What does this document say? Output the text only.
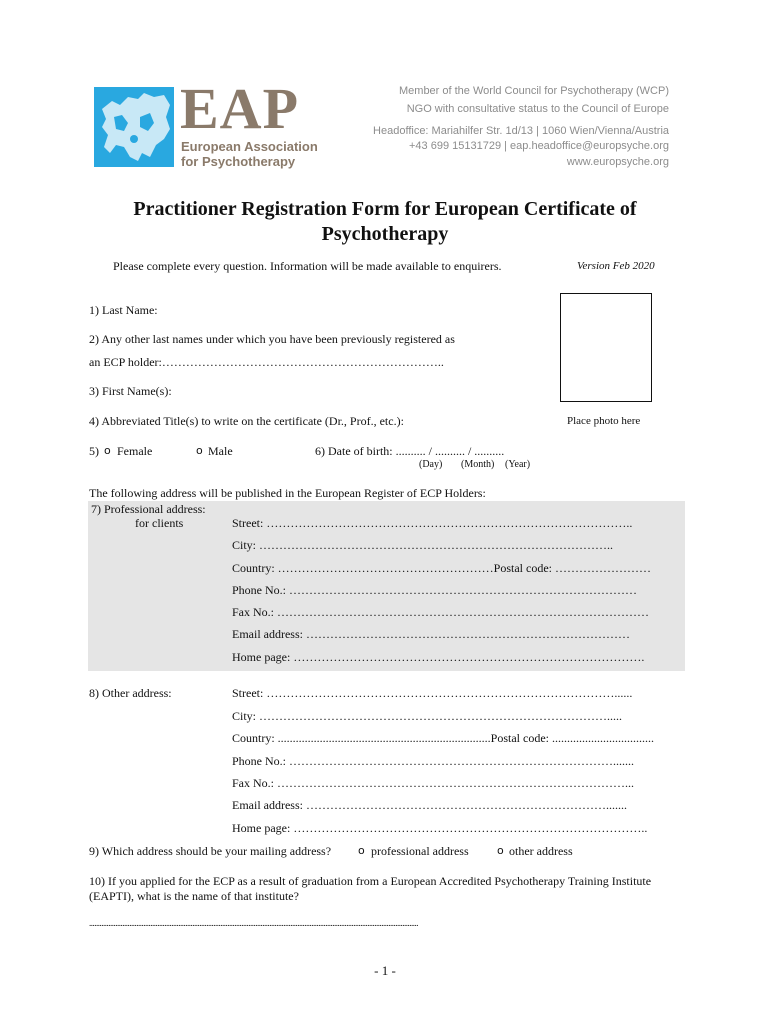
EAP
European Association
for Psychotherapy
Member of the World Council for Psychotherapy (WCP)
NGO with consultative status to the Council of Europe
Headoffice: Mariahilfer Str. 1d/13 | 1060 Wien/Vienna/Austria
+43 699 15131729 | eap.headoffice@europsyche.org
www.europsyche.org
Practitioner Registration Form for European Certificate of
Psychotherapy
Please complete every question. Information will be made available to enquirers.	Version Feb 2020
Place photo here
1) Last Name:
2) Any other last names under which you have been previously registered as
an ECP holder:……………………………………………………………..
3) First Name(s):
4) Abbreviated Title(s) to write on the certificate (Dr., Prof., etc.):
5) o Female	o Male	6) Date of birth: .......... / .......... / ..........
(Day) (Month) (Year)
The following address will be published in the European Register of ECP Holders:
7) Professional address:
for clients	Street: ………………………………………………………………………………..
City: ……………………………………………………………………………..
Country: ………………………………………………Postal code: ……………………
Phone No.: ……………………………………………………………………………
Fax No.: …………………………………………………………………………………
Email address: ………………………………………………………………………
Home page: …………………………………………………………………………….
8) Other address:	Street: ……………………………………………………………………………......
City: …………………………………………………………………………….....
Country: .......................................................................Postal code: ..................................
Phone No.: ……………………………………………………………………….......
Fax No.: ……………………………………………………………………………...
Email address: ………………………………………………………………….......
Home page: ……………………………………………………………………………..
9) Which address should be your mailing address? o professional address	o other address
10) If you applied for the ECP as a result of graduation from a European Accredited Psychotherapy Training Institute
(EAPTI), what is the name of that institute?
............................................................................................................................................................................................
- 1 -
